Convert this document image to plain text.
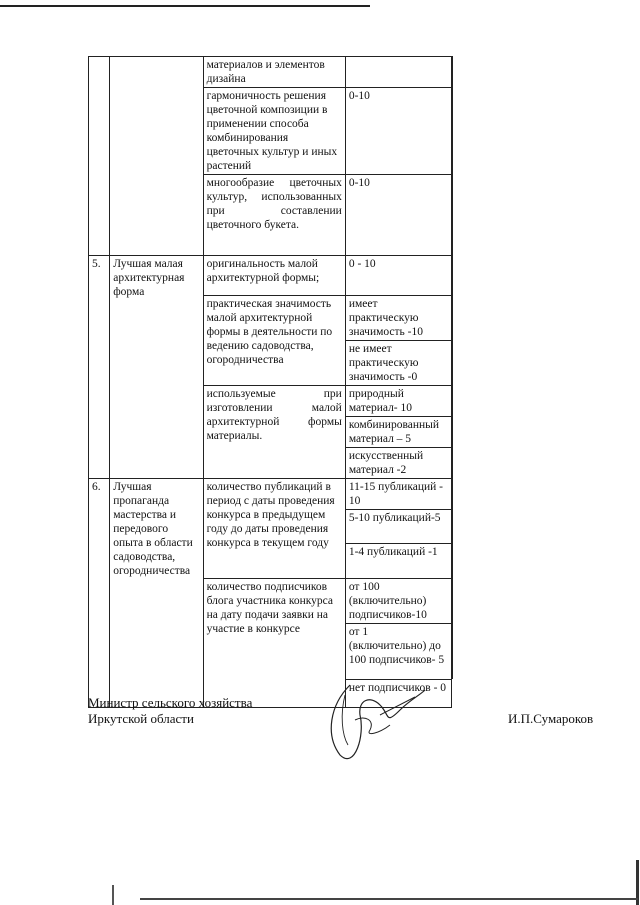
		материалов и элементов дизайна	
		гармоничность решения цветочной композиции в применении способа комбинирования цветочных культур и иных растений	0-10
		многообразие цветочных культур, использованных при составлении цветочного букета.	0-10
5.	Лучшая малая архитектурная форма	оригинальность малой архитектурной формы;	0 - 10
		практическая значимость малой архитектурной формы в деятельности по ведению садоводства, огородничества	имеет практическую значимость -10
			не имеет практическую значимость -0
		используемые при изготовлении малой архитектурной формы материалы.	природный материал- 10
			комбинированный материал – 5
			искусственный материал -2
6.	Лучшая пропаганда мастерства и передового опыта в области садоводства, огородничества	количество публикаций в период с даты проведения конкурса в предыдущем году до даты проведения конкурса в текущем году	11-15 публикаций - 10
			5-10 публикаций-5
			1-4 публикаций -1
		количество подписчиков блога участника конкурса на дату подачи заявки на участие в конкурсе	от 100 (включительно) подписчиков-10
			от 1 (включительно) до 100 подписчиков- 5
			нет подписчиков - 0
Министр сельского хозяйства
Иркутской области	И.П.Сумароков
